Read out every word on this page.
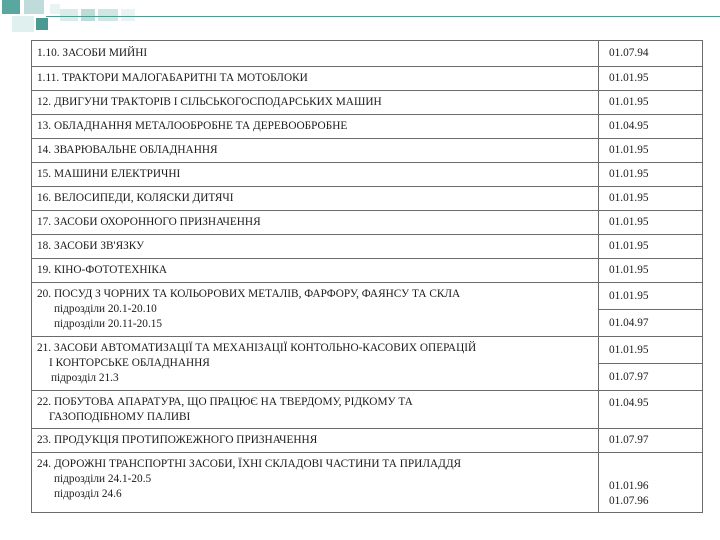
1.10. ЗАСОБИ МИЙНІ	01.07.94
1.11. ТРАКТОРИ МАЛОГАБАРИТНІ ТА МОТОБЛОКИ	01.01.95
12. ДВИГУНИ ТРАКТОРІВ І СІЛЬСЬКОГОСПОДАРСЬКИХ МАШИН	01.01.95
13. ОБЛАДНАННЯ МЕТАЛООБРОБНЕ ТА ДЕРЕВООБРОБНЕ	01.04.95
14. ЗВАРЮВАЛЬНЕ ОБЛАДНАННЯ	01.01.95
15. МАШИНИ ЕЛЕКТРИЧНІ	01.01.95
16. ВЕЛОСИПЕДИ, КОЛЯСКИ ДИТЯЧІ	01.01.95
17. ЗАСОБИ ОХОРОННОГО ПРИЗНАЧЕННЯ	01.01.95
18. ЗАСОБИ ЗВ'ЯЗКУ	01.01.95
19. КІНО-ФОТОТЕХНІКА	01.01.95

20. ПОСУД З ЧОРНИХ ТА КОЛЬОРОВИХ МЕТАЛІВ, ФАРФОРУ, ФАЯНСУ ТА СКЛА
підрозділи 20.1-20.10
підрозділи 20.11-20.15	01.01.95
	01.04.97

21. ЗАСОБИ АВТОМАТИЗАЦІЇ ТА МЕХАНІЗАЦІЇ КОНТОЛЬНО-КАСОВИХ ОПЕРАЦІЙ
І КОНТОРСЬКЕ ОБЛАДНАННЯ
підрозділ 21.3	01.01.95
	01.07.97

22. ПОБУТОВА АПАРАТУРА, ЩО ПРАЦЮЄ НА ТВЕРДОМУ, РІДКОМУ ТА
ГАЗОПОДІБНОМУ ПАЛИВІ	01.04.95
23. ПРОДУКЦІЯ ПРОТИПОЖЕЖНОГО ПРИЗНАЧЕННЯ	01.07.97

24. ДОРОЖНІ ТРАНСПОРТНІ ЗАСОБИ, ЇХНІ СКЛАДОВІ ЧАСТИНИ ТА ПРИЛАДДЯ
підрозділи 24.1-20.5
підрозділ 24.6	01.01.96
01.07.96
